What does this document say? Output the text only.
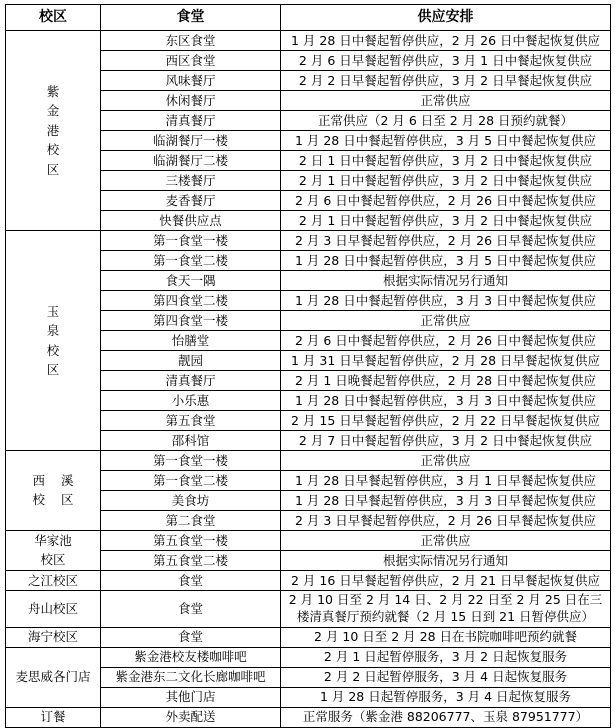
校区	食堂	供应安排

紫
金
港
校
区	东区食堂	1 月 28 日中餐起暂停供应，2 月 26 日中餐起恢复供应
	西区食堂	2 月 6 日早餐起暂停供应，3 月 1 日中餐起恢复供应
	风味餐厅	2 月 2 日早餐起暂停供应，3 月 2 日早餐起恢复供应
	休闲餐厅	正常供应
	清真餐厅	正常供应（2 月 6 日至 2 月 28 日预约就餐）
	临湖餐厅一楼	1 月 28 日中餐起暂停供应，3 月 5 日中餐起恢复供应
	临湖餐厅二楼	2 日 1 日中餐起暂停供应，3 月 2 日中餐起恢复供应
	三楼餐厅	2 月 1 日中餐起暂停供应，3 月 2 日中餐起恢复供应
	麦香餐厅	2 月 6 日中餐起暂停供应，2 月 26 日中餐起恢复供应
	快餐供应点	2 月 1 日中餐起暂停供应，3 月 2 日中餐起恢复供应

玉
泉
校
区	第一食堂一楼	2 月 3 日早餐起暂停供应，2 月 26 日早餐起恢复供应
	第一食堂二楼	1 月 28 日中餐起暂停供应，3 月 5 日中餐起恢复供应
	食天一隅	根据实际情况另行通知
	第四食堂二楼	1 月 28 日中餐起暂停供应，3 月 3 日中餐起恢复供应
	第四食堂一楼	正常供应
	怡膳堂	2 月 6 日中餐起暂停供应，2 月 26 日中餐起恢复供应
	靓园	1 月 31 日早餐起暂停供应，2 月 28 日早餐起恢复供应
	清真餐厅	2 月 1 日晚餐起暂停供应，2 月 28 日中餐起恢复供应
	小乐惠	1 月 28 日中餐起暂停供应，3 月 3 日中餐起恢复供应
	第五食堂	2 月 15 日早餐起暂停供应，2 月 22 日早餐起恢复供应
	邵科馆	2 月 7 日中餐起暂停供应，3 月 2 日中餐起恢复供应

西 溪
校 区	第一食堂一楼	正常供应
	第一食堂二楼	1 月 28 日早餐起暂停供应，3 月 1 日早餐起恢复供应
	美食坊	1 月 28 日早餐起暂停供应，3 月 3 日早餐起恢复供应
	第二食堂	2 月 3 日早餐起暂停供应，2 月 26 日早餐起恢复供应

华家池
校区	第五食堂一楼	正常供应
	第五食堂二楼	根据实际情况另行通知
之江校区	食堂	2 月 16 日早餐起暂停供应，2 月 21 日早餐起恢复供应
舟山校区	食堂	2 月 10 日至 2 月 14 日、2 月 22 日至 2 月 25 日在三楼清真餐厅预约就餐（2 月 15 日到 21 日暂停供应）
海宁校区	食堂	2 月 10 日至 2 月 28 日在书院咖啡吧预约就餐
麦思威各门店	紫金港校友楼咖啡吧	2 月 1 日起暂停服务，3 月 2 日起恢复服务
	紫金港东二文化长廊咖啡吧	2 月 2 日起暂停服务，3 月 4 日起恢复服务
	其他门店	1 月 28 日起暂停服务，3 月 4 日起恢复服务
订餐	外卖配送	正常服务（紫金港 88206777、玉泉 87951777）
